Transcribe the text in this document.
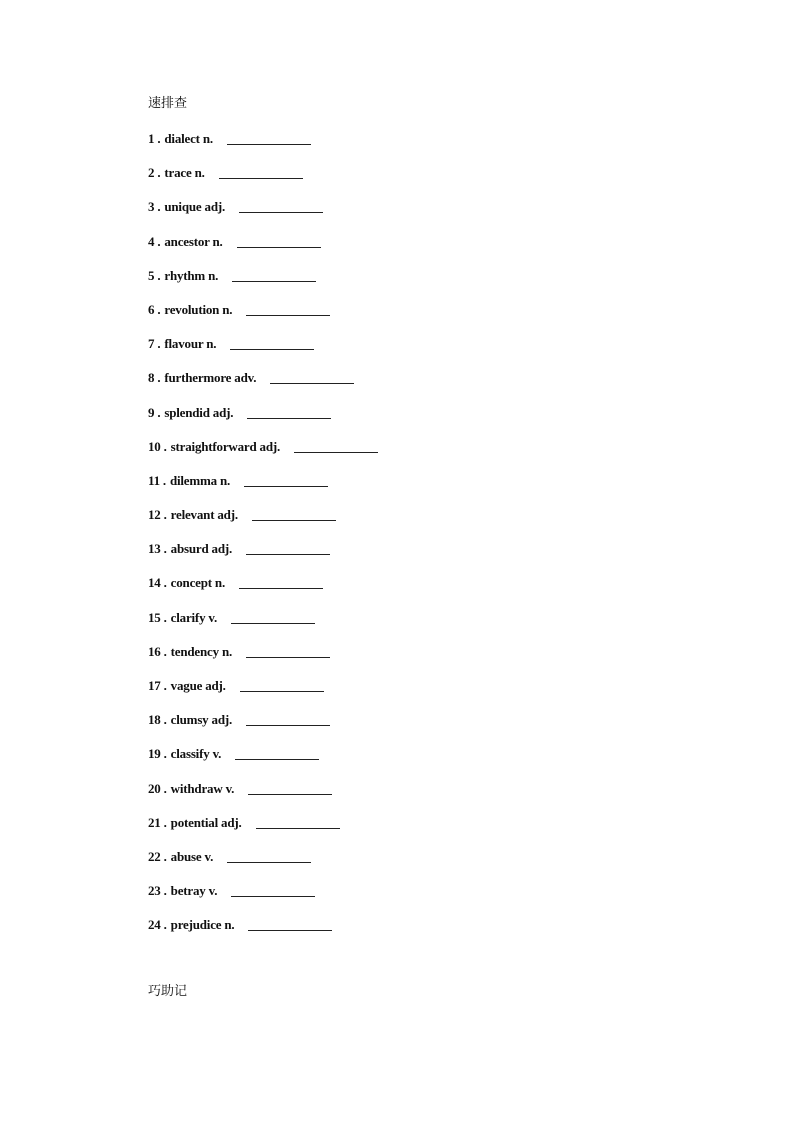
速排查
1 . dialect n.
2 . trace n.
3 . unique adj.
4 . ancestor n.
5 . rhythm n.
6 . revolution n.
7 . flavour n.
8 . furthermore adv.
9 . splendid adj.
10 . straightforward adj.
11 . dilemma n.
12 . relevant adj.
13 . absurd adj.
14 . concept n.
15 . clarify v.
16 . tendency n.
17 . vague adj.
18 . clumsy adj.
19 . classify v.
20 . withdraw v.
21 . potential adj.
22 . abuse v.
23 . betray v.
24 . prejudice n.
巧助记
